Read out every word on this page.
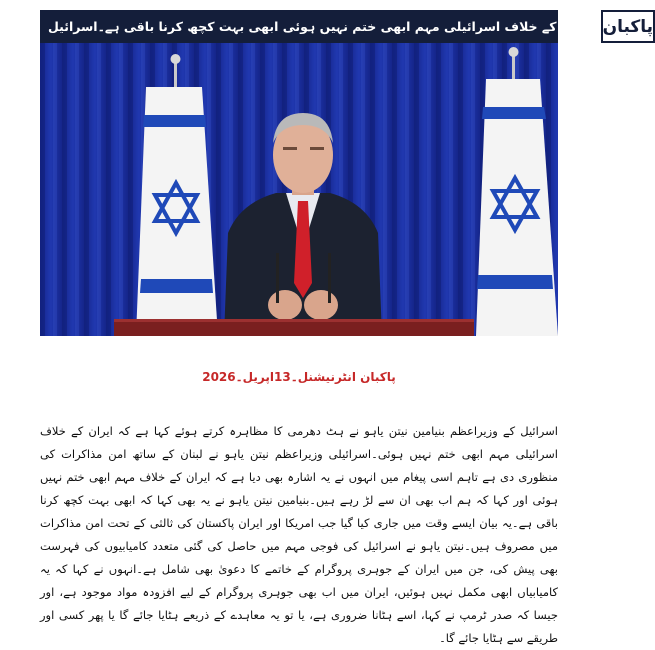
ایران کے خلاف اسرائیلی مہم ابھی ختم نہیں ہوئی ابھی بہت کچھ کرنا باقی ہے۔اسرائیل پاکبان
پاکبان انٹرنیشنل۔13اپریل۔2026

اسرائیل کے وزیراعظم بنیامین نیتن یاہو نے ہٹ دھرمی کا مظاہرہ کرتے ہوئے کہا ہے کہ ایران کے خلاف اسرائیلی مہم ابھی ختم نہیں ہوئی۔اسرائیلی وزیراعظم نیتن یاہو نے لبنان کے ساتھ امن مذاکرات کی منظوری دی ہے تاہم اسی پیغام میں انہوں نے یہ اشارہ بھی دیا ہے کہ ایران کے خلاف مہم ابھی ختم نہیں ہوئی اور کہا کہ ہم اب بھی ان سے لڑ رہے ہیں۔بنیامین نیتن یاہو نے یہ بھی کہا کہ ابھی بہت کچھ کرنا باقی ہے۔یہ بیان ایسے وقت میں جاری کیا گیا جب امریکا اور ایران پاکستان کی ثالثی کے تحت امن مذاکرات میں مصروف ہیں۔نیتن یاہو نے اسرائیل کی فوجی مہم میں حاصل کی گئی متعدد کامیابیوں کی فہرست بھی پیش کی، جن میں ایران کے جوہری پروگرام کے خاتمے کا دعویٰ بھی شامل ہے۔انہوں نے کہا کہ یہ کامیابیاں ابھی مکمل نہیں ہوئیں، ایران میں اب بھی جوہری پروگرام کے لیے افزودہ مواد موجود ہے، اور جیسا کہ صدر ٹرمپ نے کہا، اسے ہٹانا ضروری ہے، یا تو یہ معاہدے کے ذریعے ہٹایا جائے گا یا پھر کسی اور طریقے سے ہٹایا جائے گا۔
